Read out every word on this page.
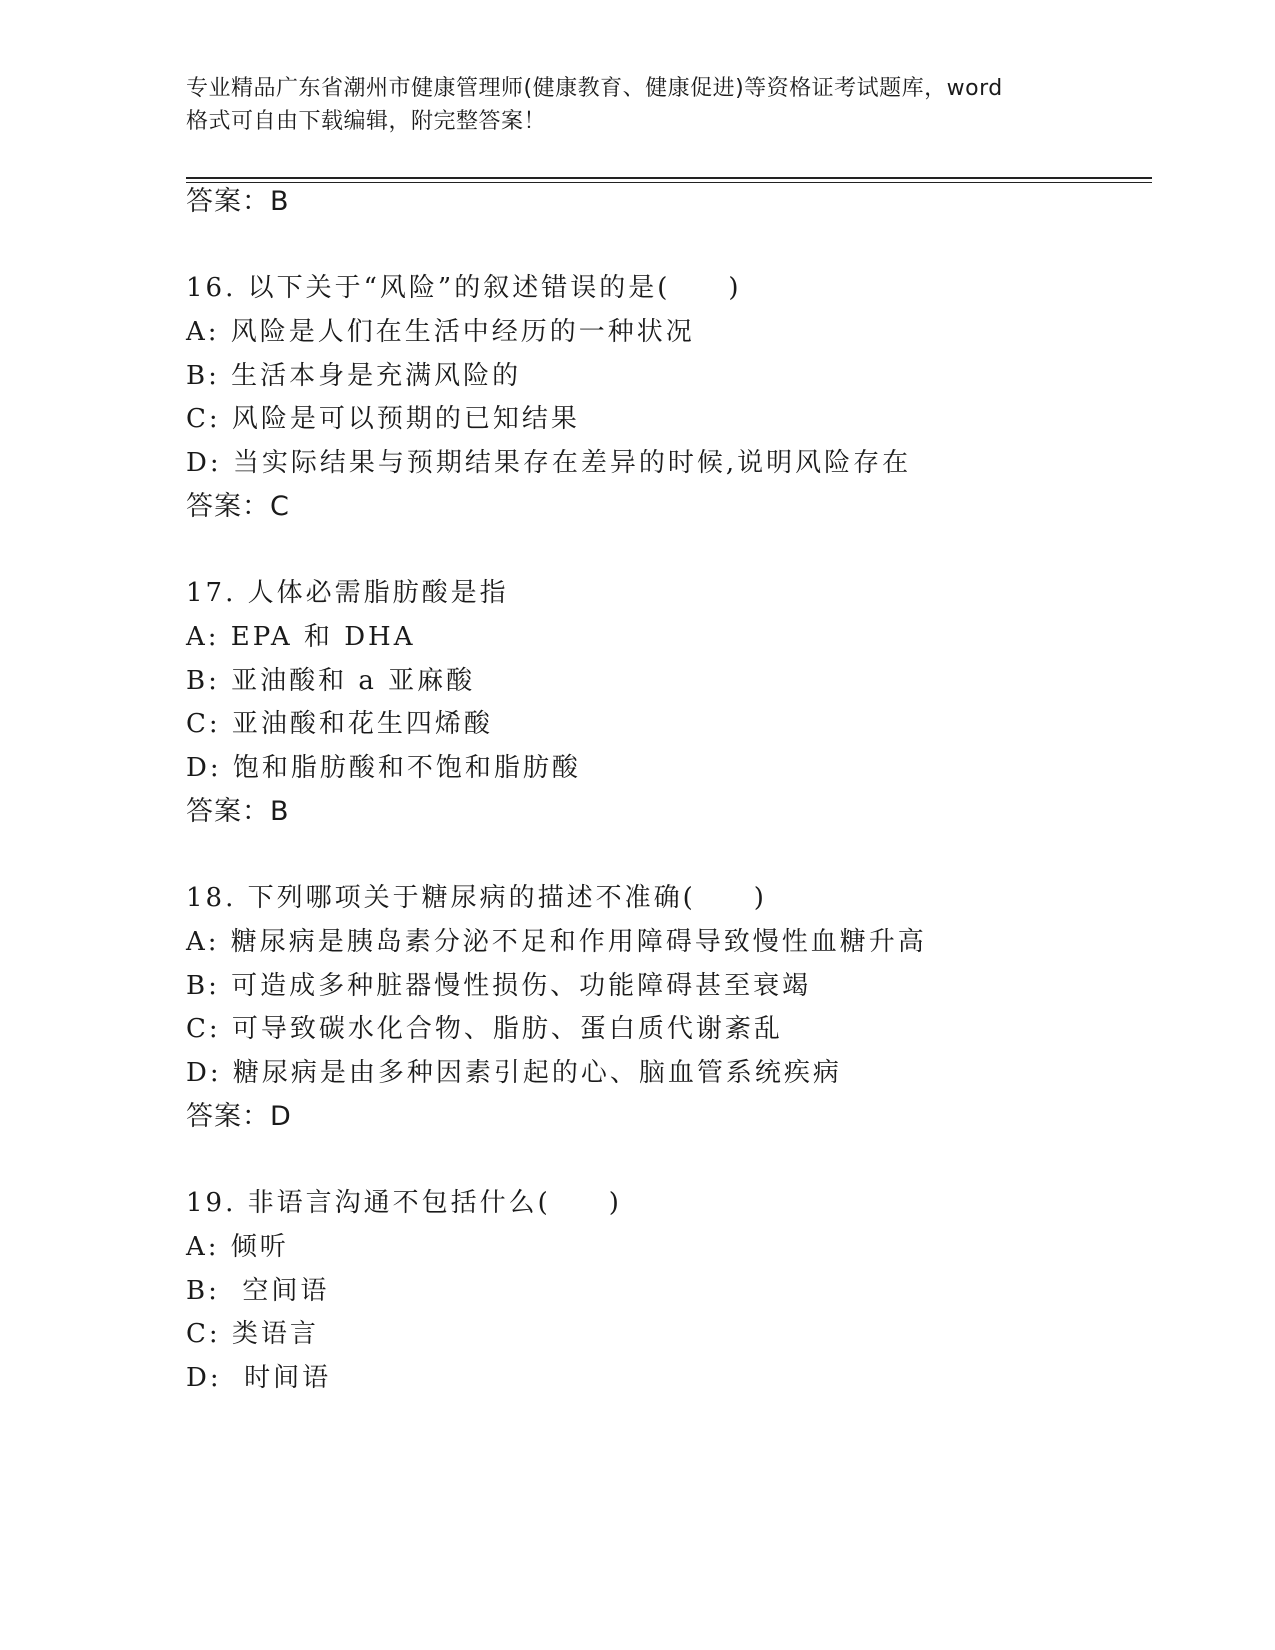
专业精品广东省潮州市健康管理师(健康教育、健康促进)等资格证考试题库，word
格式可自由下载编辑，附完整答案！
答案：B
16. 以下关于“风险”的叙述错误的是(　　)
A: 风险是人们在生活中经历的一种状况
B: 生活本身是充满风险的
C: 风险是可以预期的已知结果
D: 当实际结果与预期结果存在差异的时候,说明风险存在
答案：C
17. 人体必需脂肪酸是指
A: EPA 和 DHA
B: 亚油酸和 a 亚麻酸
C: 亚油酸和花生四烯酸
D: 饱和脂肪酸和不饱和脂肪酸
答案：B
18. 下列哪项关于糖尿病的描述不准确(　　)
A: 糖尿病是胰岛素分泌不足和作用障碍导致慢性血糖升高
B: 可造成多种脏器慢性损伤、功能障碍甚至衰竭
C: 可导致碳水化合物、脂肪、蛋白质代谢紊乱
D: 糖尿病是由多种因素引起的心、脑血管系统疾病
答案：D
19. 非语言沟通不包括什么(　　)
A: 倾听
B:  空间语
C: 类语言
D:  时间语
